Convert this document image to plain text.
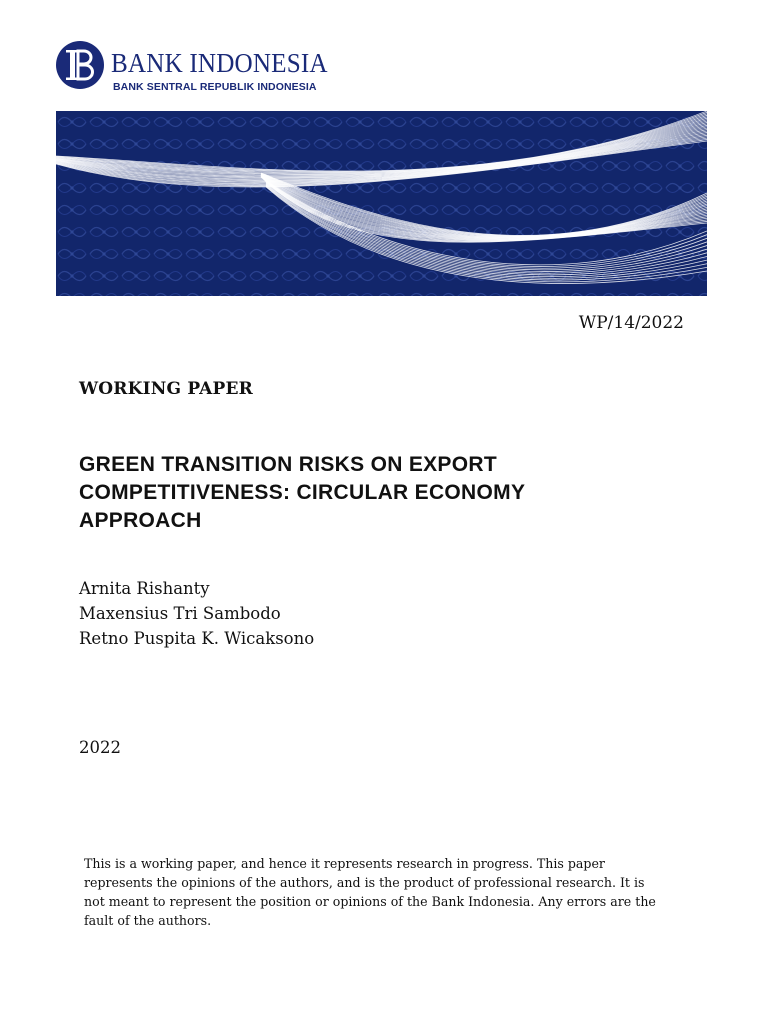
BANK INDONESIA
BANK SENTRAL REPUBLIK INDONESIA
WP/14/2022
WORKING PAPER
GREEN TRANSITION RISKS ON EXPORT
COMPETITIVENESS: CIRCULAR ECONOMY
APPROACH
Arnita Rishanty
Maxensius Tri Sambodo
Retno Puspita K. Wicaksono
2022
This is a working paper, and hence it represents research in progress. This paper
represents the opinions of the authors, and is the product of professional research. It is
not meant to represent the position or opinions of the Bank Indonesia. Any errors are the
fault of the authors.
